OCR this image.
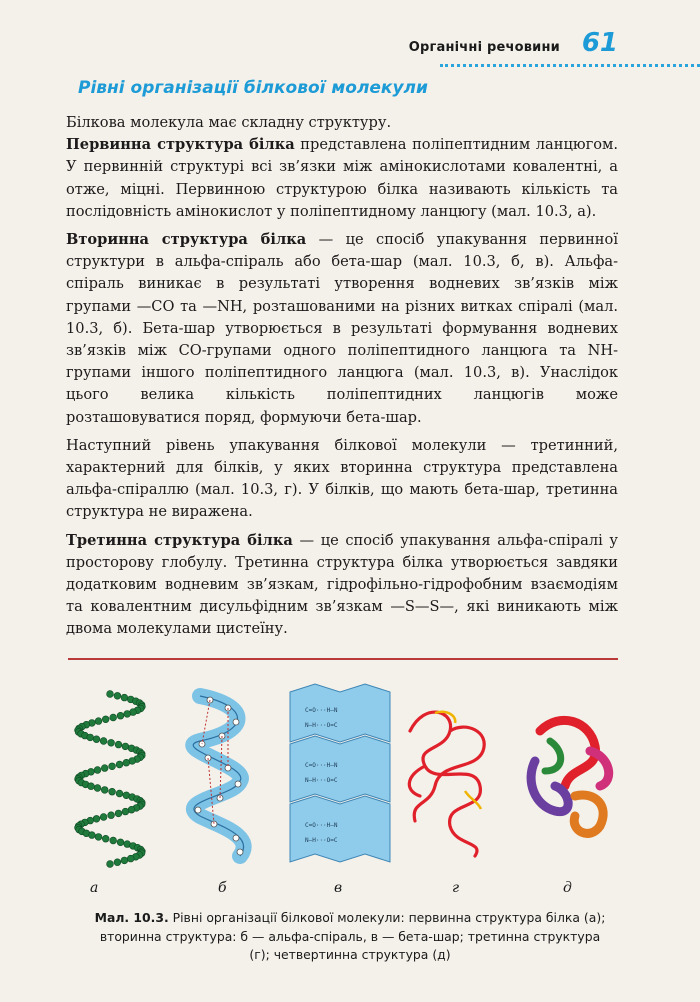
Органічні речовини 61
Рівні організації білкової молекули

Білкова молекула має складну структуру.

Первинна структура білка представлена поліпептидним ланцюгом. У первинній структурі всі зв’язки між амінокислотами ковалентні, а отже, міцні. Первинною структурою білка називають кількість та послідовність амінокислот у поліпептидному ланцюгу (мал. 10.3, а).

Вторинна структура білка — це спосіб упакування первинної структури в альфа-спіраль або бета-шар (мал. 10.3, б, в). Альфа-спіраль виникає в результаті утворення водневих зв’язків між групами —СО та —NH, розташованими на різних витках спіралі (мал. 10.3, б). Бета-шар утворюється в результаті формування водневих зв’язків між СО-групами одного поліпептидного ланцюга та NH-групами іншого поліпептидного ланцюга (мал. 10.3, в). Унаслідок цього велика кількість поліпептидних ланцюгів може розташовуватися поряд, формуючи бета-шар.

Наступний рівень упакування білкової молекули — третинний, характерний для білків, у яких вторинна структура представлена альфа-спіраллю (мал. 10.3, г). У білків, що мають бета-шар, третинна структура не виражена.

Третинна структура білка — це спосіб упакування альфа-спіралі у просторову глобулу. Третинна структура білка утворюється завдяки додатковим водневим зв’язкам, гідрофільно-гідрофобним взаємодіям та ковалентним дисульфідним зв’язкам —S—S—, які виникають між двома молекулами цистеїну.

C=O···H—N
N—H···O=C
C=O···H—N
N—H···O=C
C=O···H—N
N—H···O=C
а	б	в	г	д
Мал. 10.3. Рівні організації білкової молекули: первинна структура білка (а); вторинна структура: б — альфа-спіраль, в — бета-шар; третинна структура (г); четвертинна структура (д)
